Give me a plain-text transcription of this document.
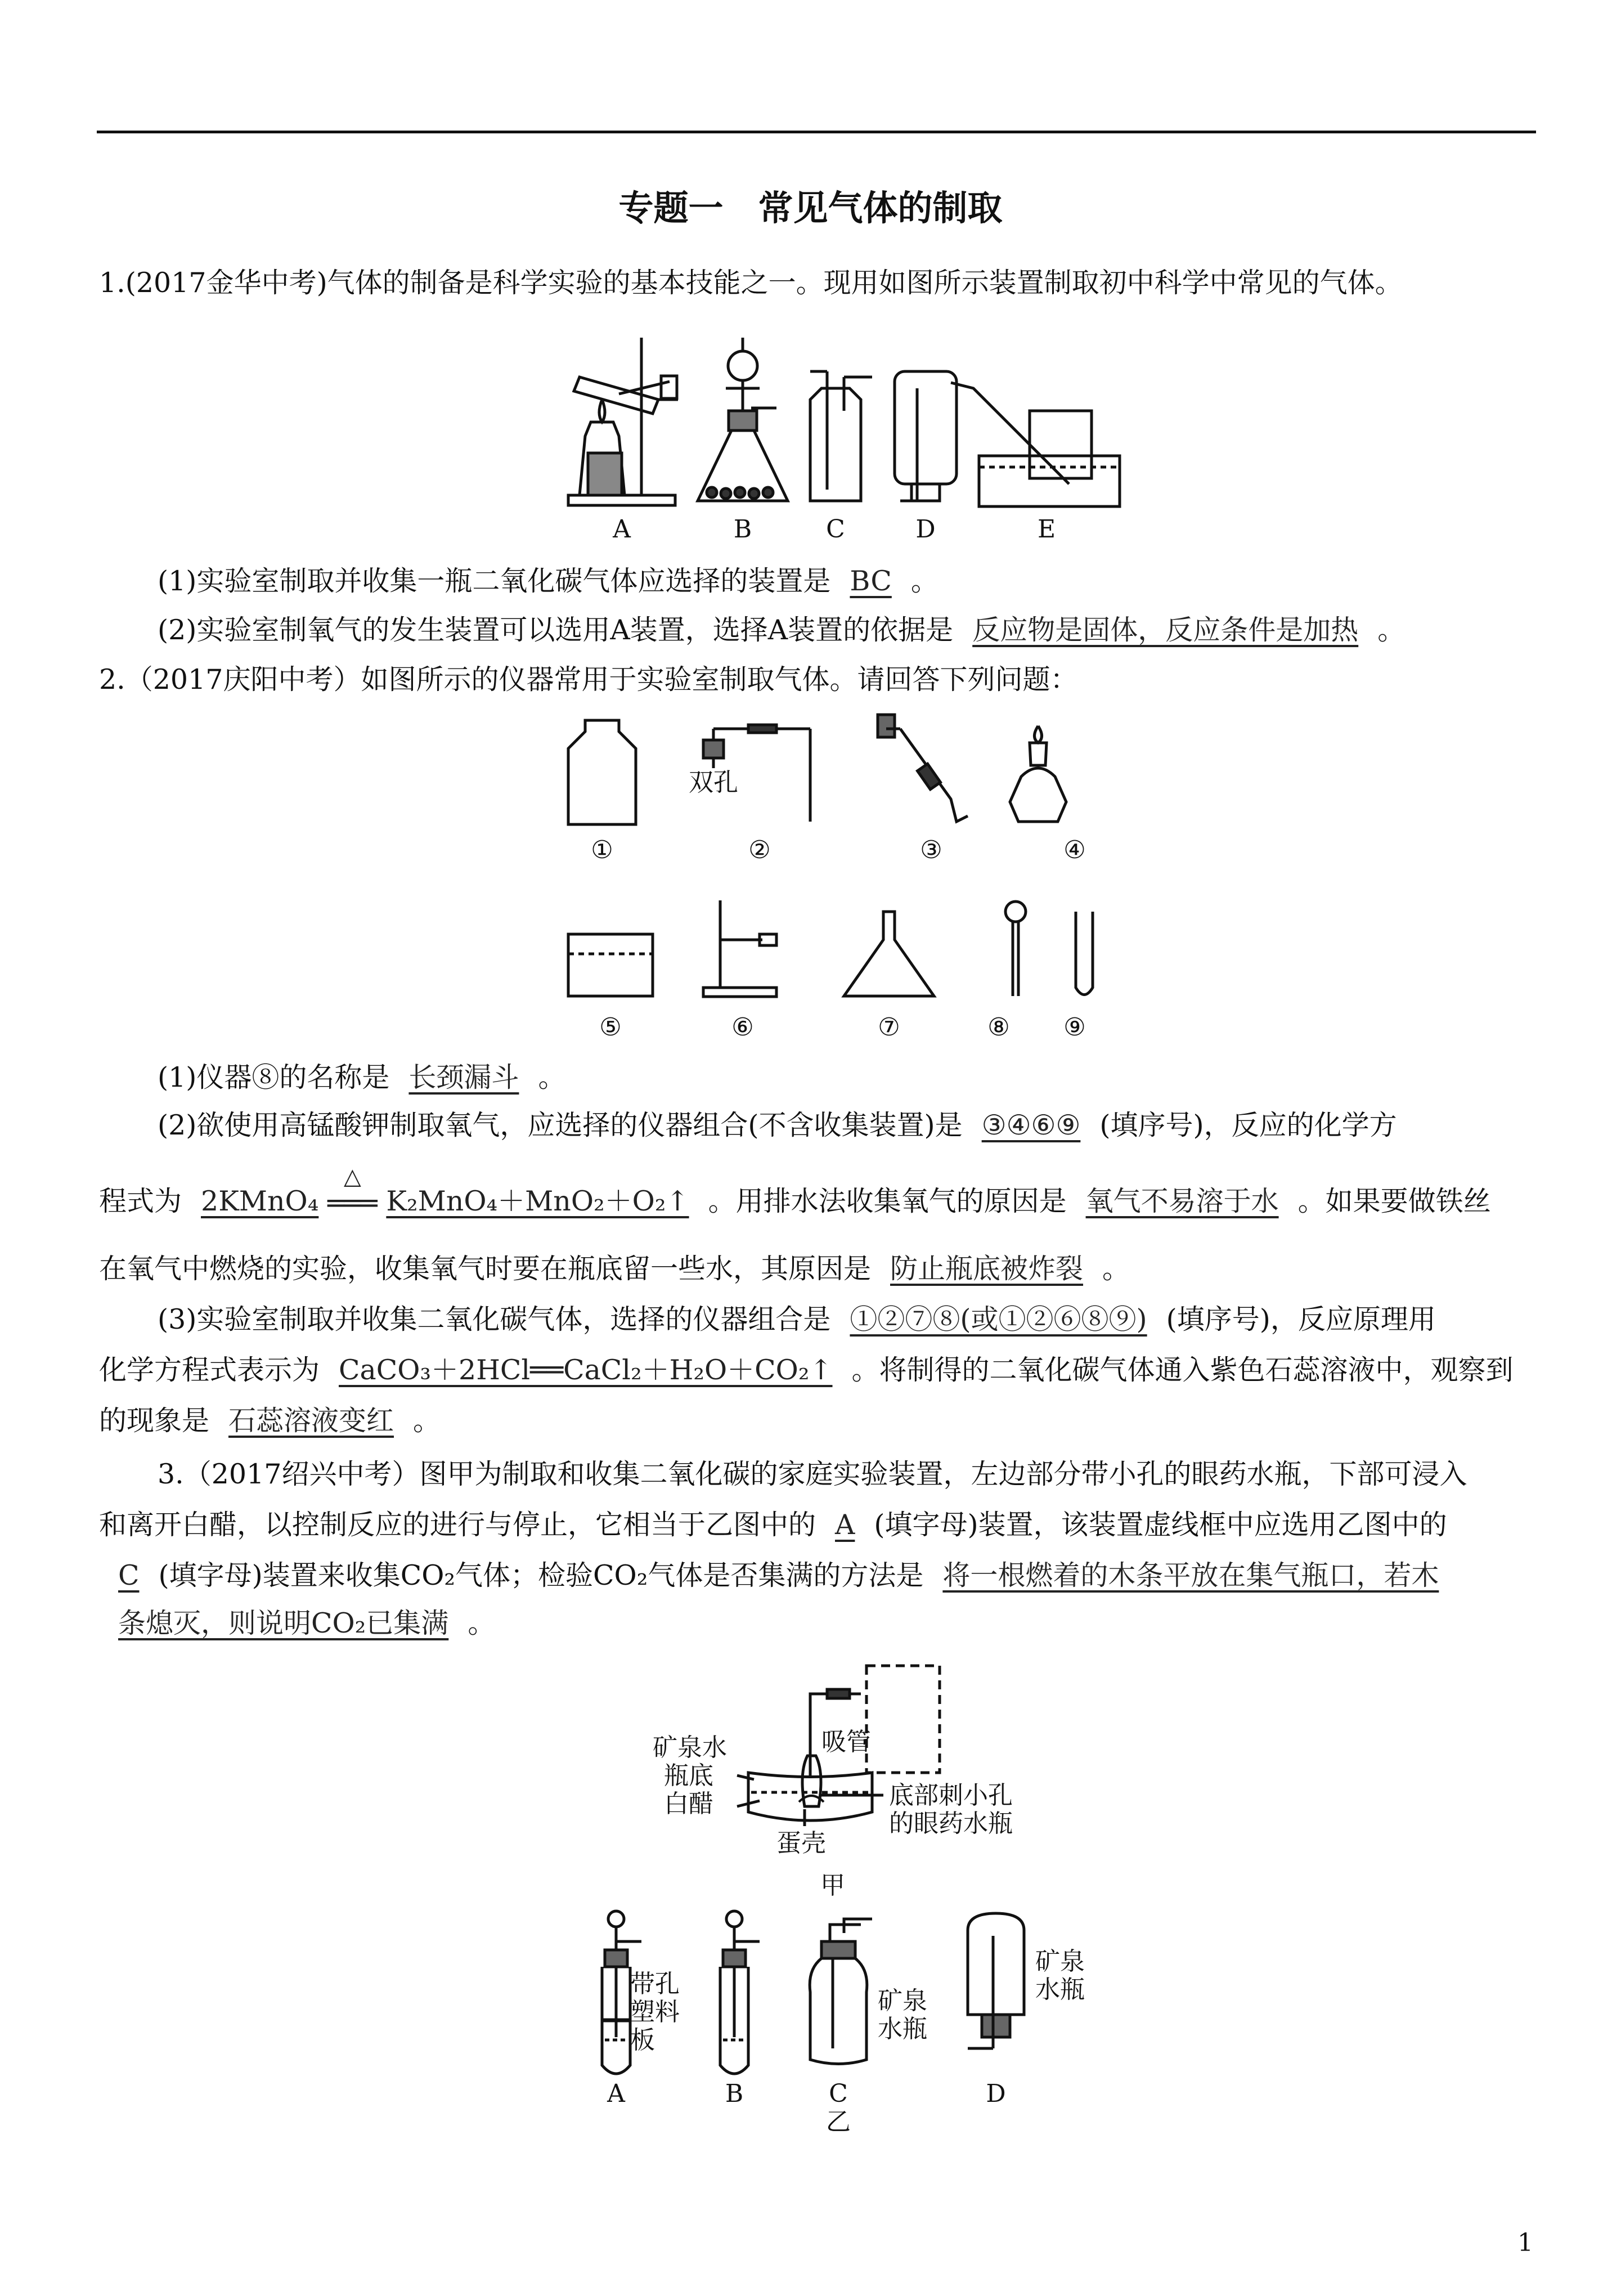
专题一　常见气体的制取
1.(2017金华中考)气体的制备是科学实验的基本技能之一。现用如图所示装置制取初中科学中常见的气体。
A	B	C	D	E
(1)实验室制取并收集一瓶二氧化碳气体应选择的装置是 BC 。
(2)实验室制氧气的发生装置可以选用A装置，选择A装置的依据是 反应物是固体，反应条件是加热 。
2.（2017庆阳中考）如图所示的仪器常用于实验室制取气体。请回答下列问题：
双孔
①	②	③	④
⑤	⑥	⑦	⑧ ⑨
(1)仪器⑧的名称是 长颈漏斗 。
(2)欲使用高锰酸钾制取氧气，应选择的仪器组合(不含收集装置)是 ③④⑥⑨ (填序号)，反应的化学方
程式为 2KMnO₄
△
═══ K₂MnO₄＋MnO₂＋O₂↑ 。用排水法收集氧气的原因是 氧气不易溶于水 。如果要做铁丝
在氧气中燃烧的实验，收集氧气时要在瓶底留一些水，其原因是 防止瓶底被炸裂 。
(3)实验室制取并收集二氧化碳气体，选择的仪器组合是 ①②⑦⑧(或①②⑥⑧⑨) (填序号)，反应原理用
化学方程式表示为 CaCO₃＋2HCl══CaCl₂＋H₂O＋CO₂↑ 。将制得的二氧化碳气体通入紫色石蕊溶液中，观察到
的现象是 石蕊溶液变红 。
3.（2017绍兴中考）图甲为制取和收集二氧化碳的家庭实验装置，左边部分带小孔的眼药水瓶，下部可浸入
和离开白醋，以控制反应的进行与停止，它相当于乙图中的 A (填字母)装置，该装置虚线框中应选用乙图中的
C (填字母)装置来收集CO₂气体；检验CO₂气体是否集满的方法是 将一根燃着的木条平放在集气瓶口，若木
条熄灭，则说明CO₂已集满 。
矿泉水
瓶底
白醋
吸管
蛋壳
底部刺小孔
的眼药水瓶
甲
带孔
塑料
板
矿泉
水瓶
矿泉
水瓶
A	B	C	D
乙
1
